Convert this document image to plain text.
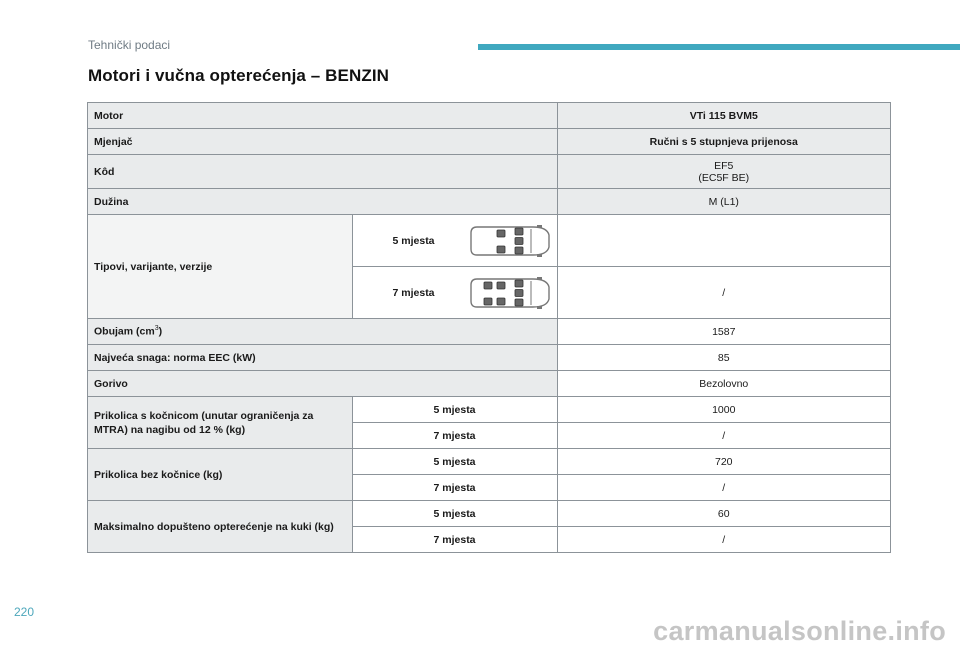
Tehnički podaci
Motori i vučna opterećenja – BENZIN
Motor		VTi 115 BVM5
Mjenjač		Ručni s 5 stupnjeva prijenosa
Kôd		EF5
(EC5F BE)

Dužina		M (L1)
Tipovi, varijante, verzije	5 mjesta	

	7 mjesta	/
Obujam $(cm^3)$		1587
Najveća snaga: norma EEC (kW)		85
Gorivo		Bezolovno
Prikolica s kočnicom (unutar ograničenja za MTRA) na nagibu od 12 % (kg)	5 mjesta	1000
	7 mjesta	/
Prikolica bez kočnice (kg)	5 mjesta	720
	7 mjesta	/
Maksimalno dopušteno opterećenje na kuki (kg)	5 mjesta	60
	7 mjesta	/
220
carmanualsonline.info
